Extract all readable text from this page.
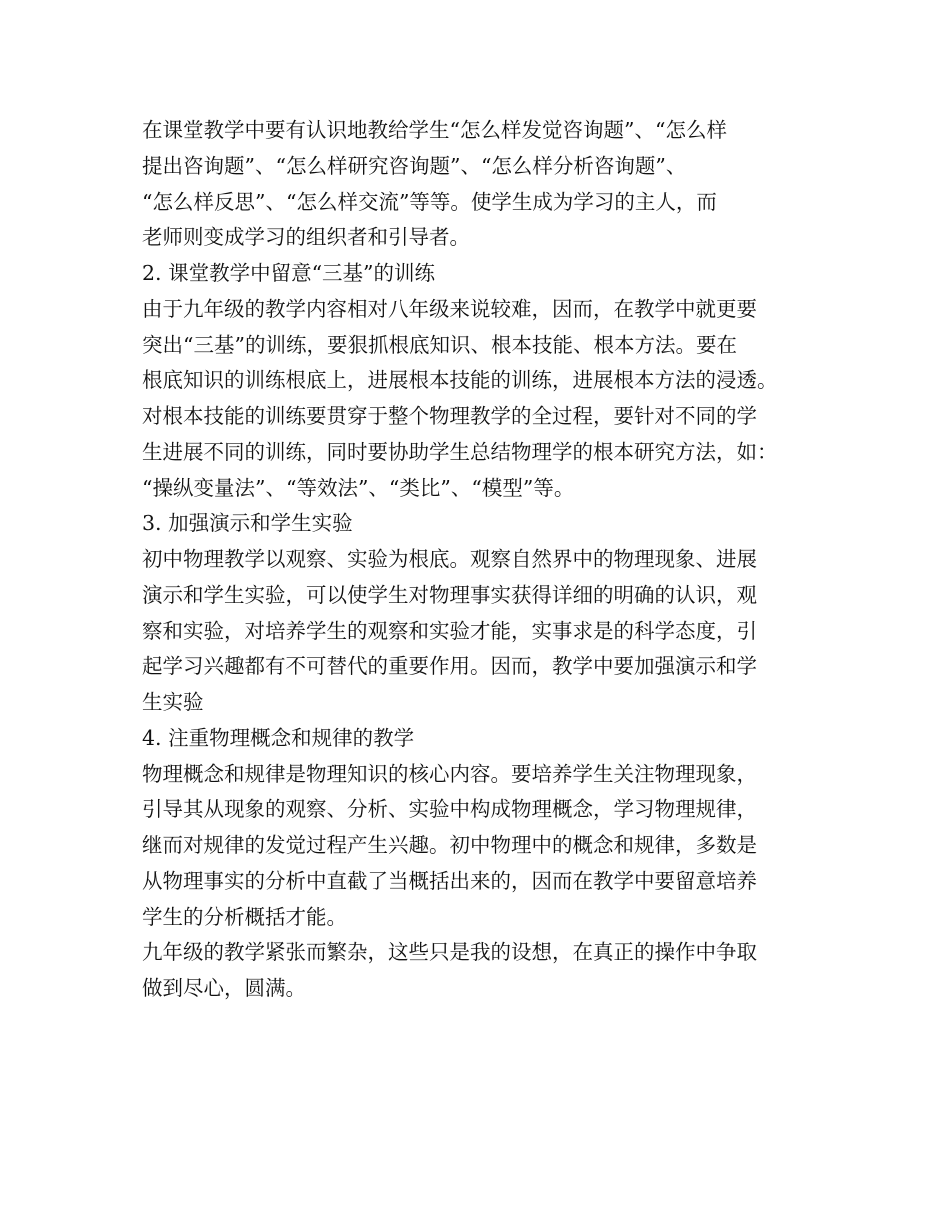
在课堂教学中要有认识地教给学生“怎么样发觉咨询题”、“怎么样
提出咨询题”、“怎么样研究咨询题”、“怎么样分析咨询题”、
“怎么样反思”、“怎么样交流”等等。使学生成为学习的主人，而
老师则变成学习的组织者和引导者。
2. 课堂教学中留意“三基”的训练
由于九年级的教学内容相对八年级来说较难，因而，在教学中就更要
突出“三基”的训练，要狠抓根底知识、根本技能、根本方法。要在
根底知识的训练根底上，进展根本技能的训练，进展根本方法的浸透。
对根本技能的训练要贯穿于整个物理教学的全过程，要针对不同的学
生进展不同的训练，同时要协助学生总结物理学的根本研究方法，如：
“操纵变量法”、“等效法”、“类比”、“模型”等。
3. 加强演示和学生实验
初中物理教学以观察、实验为根底。观察自然界中的物理现象、进展
演示和学生实验，可以使学生对物理事实获得详细的明确的认识，观
察和实验，对培养学生的观察和实验才能，实事求是的科学态度，引
起学习兴趣都有不可替代的重要作用。因而，教学中要加强演示和学
生实验
4. 注重物理概念和规律的教学
物理概念和规律是物理知识的核心内容。要培养学生关注物理现象，
引导其从现象的观察、分析、实验中构成物理概念，学习物理规律，
继而对规律的发觉过程产生兴趣。初中物理中的概念和规律，多数是
从物理事实的分析中直截了当概括出来的，因而在教学中要留意培养
学生的分析概括才能。
九年级的教学紧张而繁杂，这些只是我的设想，在真正的操作中争取
做到尽心，圆满。
